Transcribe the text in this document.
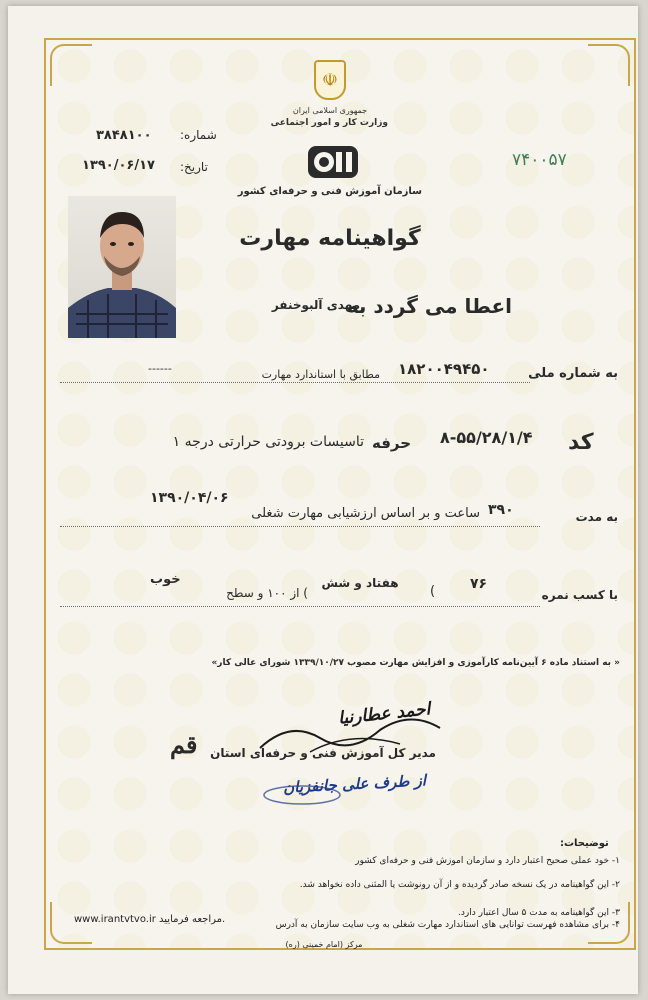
☫
جمهوری اسلامی ایران
وزارت کار و امور اجتماعی
سازمان آموزش فنی و حرفه‌ای کشور
۷۴۰۰۵۷
شماره:
۳۸۴۸۱۰۰
تاریخ:
۱۳۹۰/۰۶/۱۷
گواهینامه مهارت
اعطا می گردد به
مهدی آلبوخنفر
به شماره ملی
۱۸۲۰۰۴۹۴۵۰
مطابق با استاندارد مهارت
------
کد
۸-۵۵/۲۸/۱/۴
حرفه
تاسیسات برودتی حرارتی درجه ۱
۱۳۹۰/۰۴/۰۶
به مدت
۳۹۰
ساعت و بر اساس ارزشیابی مهارت شغلی
با کسب نمره
۷۶
(
هفتاد و شش
) از ۱۰۰ و سطح
خوب
« به استناد ماده ۶ آیین‌نامه کارآموزی و افزایش مهارت مصوب ۱۳۳۹/۱۰/۲۷ شورای عالی کار»
احمد عطارنیا
مدیر کل آموزش فنی و حرفه‌ای استان
قم
از طرف علی جانفزیان
توضیحات:
۱- خود عملی صحیح اعتبار دارد و سازمان آموزش فنی و حرفه‌ای کشور
۲- این گواهینامه در یک نسخه صادر گردیده و از آن رونوشت یا المثنی داده نخواهد شد.
۳- این گواهینامه به مدت ۵ سال اعتبار دارد.
۴- برای مشاهده فهرست توانایی های استاندارد مهارت شغلی به وب سایت سازمان به آدرس
www.irantvtvo.ir مراجعه فرمایید.
مرکز (امام خمینی (ره)
